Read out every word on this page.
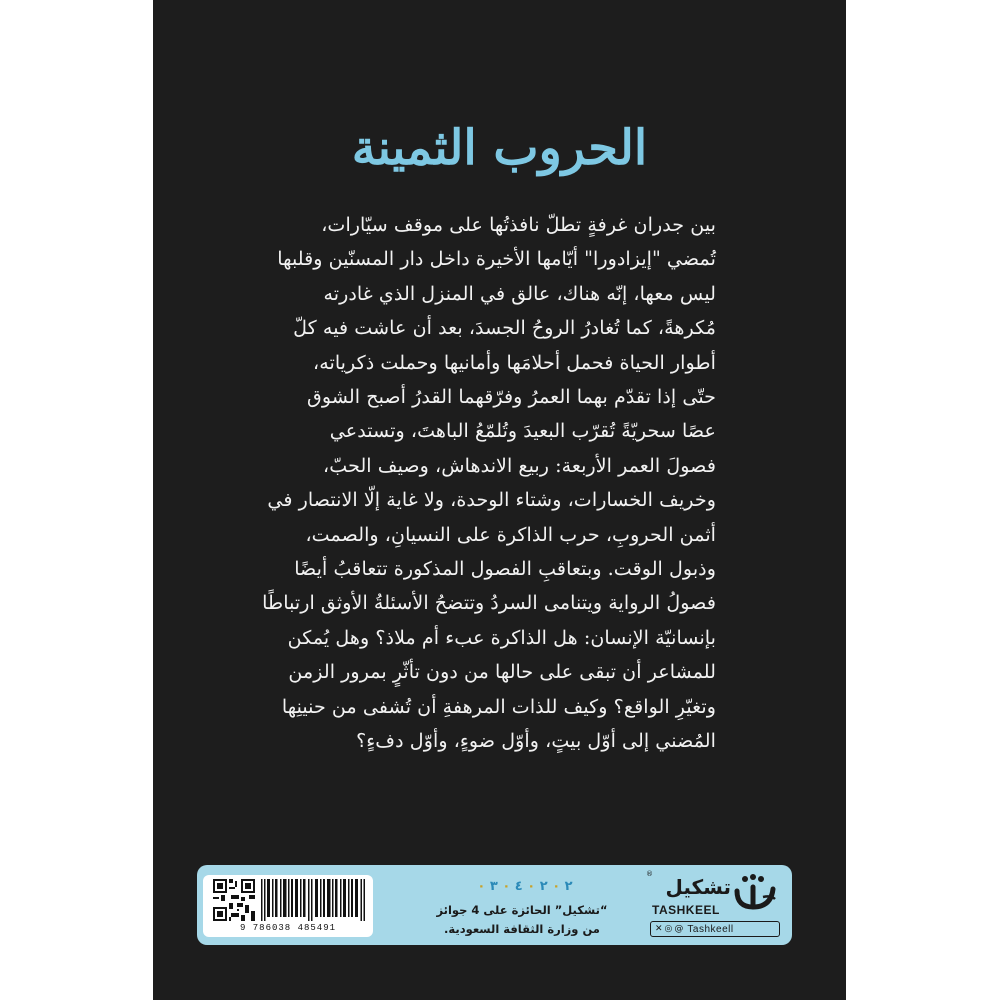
الحروب الثمينة

بين جدران غرفةٍ تطلّ نافذتُها على موقف سيّارات،
تُمضي "إيزادورا" أيّامها الأخيرة داخل دار المسنّين وقلبها
ليس معها، إنّه هناك، عالق في المنزل الذي غادرته
مُكرهةً، كما تُغادرُ الروحُ الجسدَ، بعد أن عاشت فيه كلّ
أطوار الحياة فحمل أحلامَها وأمانيها وحملت ذكرياته،
حتّى إذا تقدّم بهما العمرُ وفرّقهما القدرُ أصبح الشوق
عصًا سحريّةً تُقرّب البعيدَ وتُلمّعُ الباهتَ، وتستدعي
فصولَ العمر الأربعة: ربيع الاندهاش، وصيف الحبّ،
وخريف الخسارات، وشتاء الوحدة، ولا غاية إلّا الانتصار في
أثمن الحروبِ، حرب الذاكرة على النسيانِ، والصمت،
وذبول الوقت. وبتعاقبِ الفصول المذكورة تتعاقبُ أيضًا
فصولُ الرواية ويتنامى السردُ وتتضحُ الأسئلةُ الأوثق ارتباطًا
بإنسانيّة الإنسان: هل الذاكرة عبء أم ملاذ؟ وهل يُمكن
للمشاعر أن تبقى على حالها من دون تأثّرٍ بمرور الزمن
وتغيّرِ الواقع؟ وكيف للذات المرهفةِ أن تُشفى من حنينِها
المُضني إلى أوّل بيتٍ، وأوّل ضوءٍ، وأوّل دفءٍ؟

9 786038 485491
٢ ٠ ٢ ٠ ٤ ٠ ٣ ٠
“تشكيل” الحائزة على 4 جوائز
من وزارة الثقافة السعودية.
®
تشكيل
TASHKEEL
✕ ◎ @ Tashkeell
